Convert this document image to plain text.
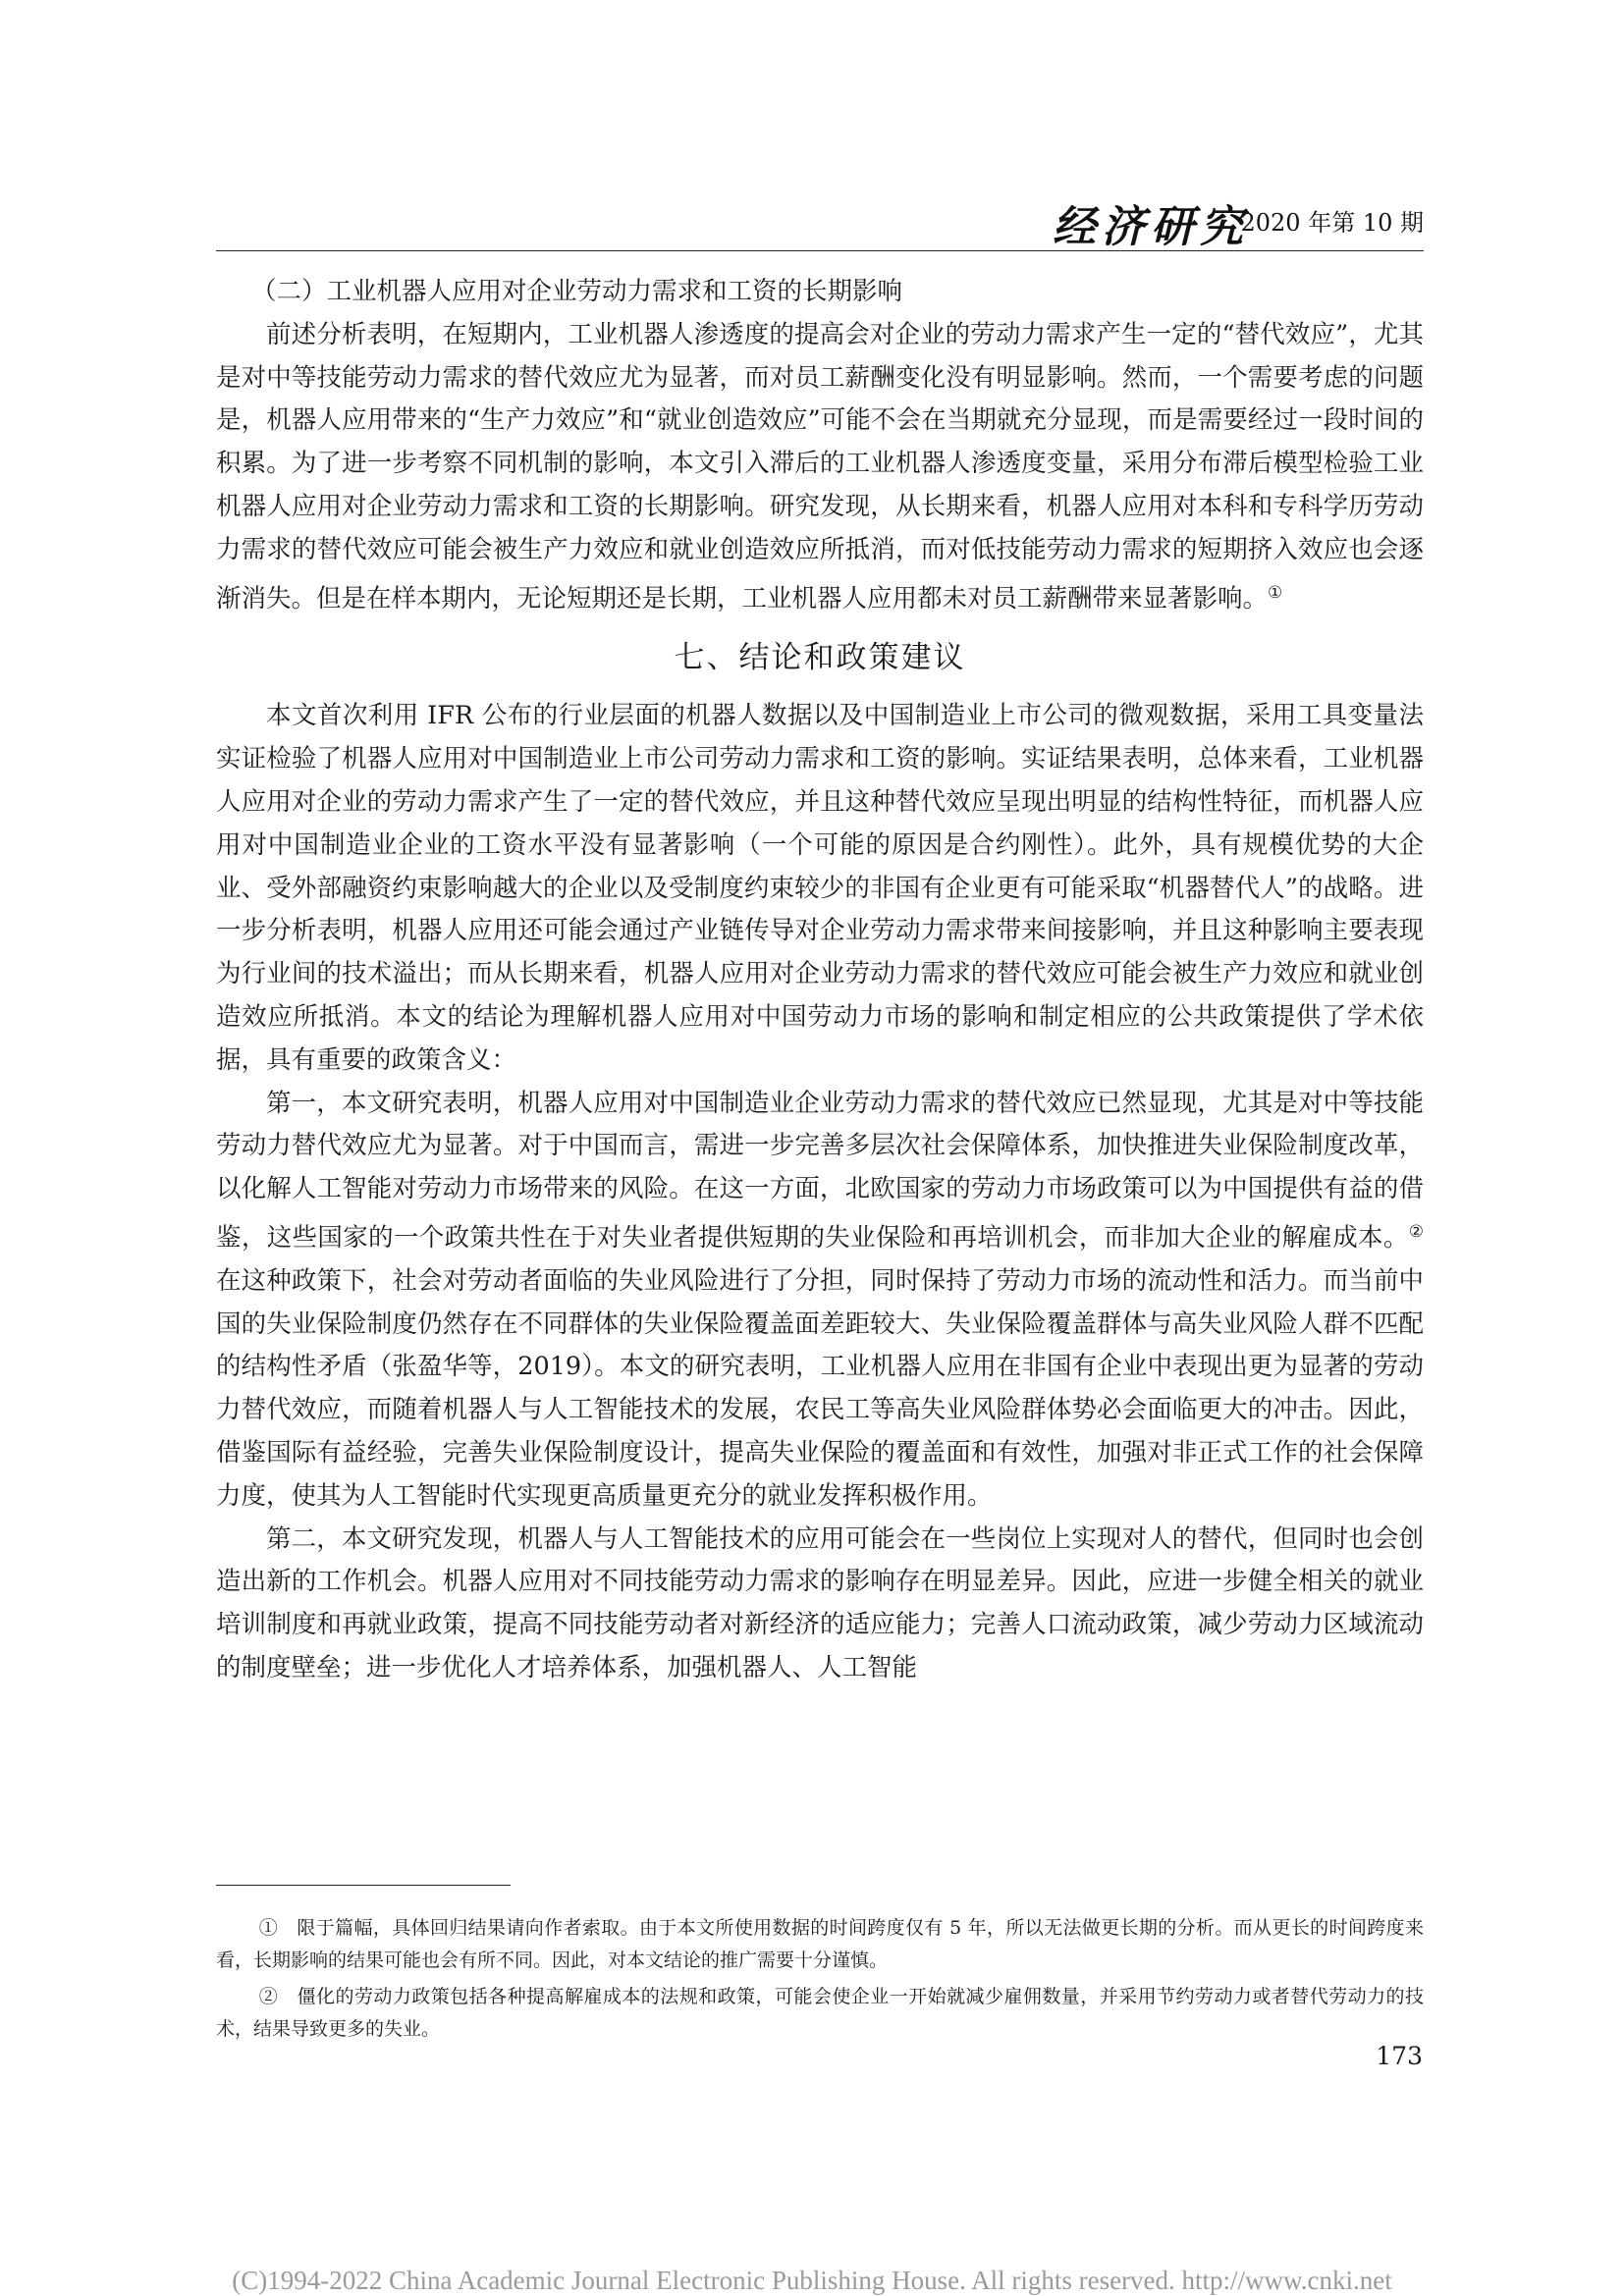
经济研究
2020 年第 10 期

（二）工业机器人应用对企业劳动力需求和工资的长期影响

前述分析表明，在短期内，工业机器人渗透度的提高会对企业的劳动力需求产生一定的“替代效应”，尤其是对中等技能劳动力需求的替代效应尤为显著，而对员工薪酬变化没有明显影响。然而，一个需要考虑的问题是，机器人应用带来的“生产力效应”和“就业创造效应”可能不会在当期就充分显现，而是需要经过一段时间的积累。为了进一步考察不同机制的影响，本文引入滞后的工业机器人渗透度变量，采用分布滞后模型检验工业机器人应用对企业劳动力需求和工资的长期影响。研究发现，从长期来看，机器人应用对本科和专科学历劳动力需求的替代效应可能会被生产力效应和就业创造效应所抵消，而对低技能劳动力需求的短期挤入效应也会逐渐消失。但是在样本期内，无论短期还是长期，工业机器人应用都未对员工薪酬带来显著影响。①

七、结论和政策建议

本文首次利用 IFR 公布的行业层面的机器人数据以及中国制造业上市公司的微观数据，采用工具变量法实证检验了机器人应用对中国制造业上市公司劳动力需求和工资的影响。实证结果表明，总体来看，工业机器人应用对企业的劳动力需求产生了一定的替代效应，并且这种替代效应呈现出明显的结构性特征，而机器人应用对中国制造业企业的工资水平没有显著影响（一个可能的原因是合约刚性）。此外，具有规模优势的大企业、受外部融资约束影响越大的企业以及受制度约束较少的非国有企业更有可能采取“机器替代人”的战略。进一步分析表明，机器人应用还可能会通过产业链传导对企业劳动力需求带来间接影响，并且这种影响主要表现为行业间的技术溢出；而从长期来看，机器人应用对企业劳动力需求的替代效应可能会被生产力效应和就业创造效应所抵消。本文的结论为理解机器人应用对中国劳动力市场的影响和制定相应的公共政策提供了学术依据，具有重要的政策含义：

第一，本文研究表明，机器人应用对中国制造业企业劳动力需求的替代效应已然显现，尤其是对中等技能劳动力替代效应尤为显著。对于中国而言，需进一步完善多层次社会保障体系，加快推进失业保险制度改革，以化解人工智能对劳动力市场带来的风险。在这一方面，北欧国家的劳动力市场政策可以为中国提供有益的借鉴，这些国家的一个政策共性在于对失业者提供短期的失业保险和再培训机会，而非加大企业的解雇成本。② 在这种政策下，社会对劳动者面临的失业风险进行了分担，同时保持了劳动力市场的流动性和活力。而当前中国的失业保险制度仍然存在不同群体的失业保险覆盖面差距较大、失业保险覆盖群体与高失业风险人群不匹配的结构性矛盾（张盈华等，2019）。本文的研究表明，工业机器人应用在非国有企业中表现出更为显著的劳动力替代效应，而随着机器人与人工智能技术的发展，农民工等高失业风险群体势必会面临更大的冲击。因此，借鉴国际有益经验，完善失业保险制度设计，提高失业保险的覆盖面和有效性，加强对非正式工作的社会保障力度，使其为人工智能时代实现更高质量更充分的就业发挥积极作用。

第二，本文研究发现，机器人与人工智能技术的应用可能会在一些岗位上实现对人的替代，但同时也会创造出新的工作机会。机器人应用对不同技能劳动力需求的影响存在明显差异。因此，应进一步健全相关的就业培训制度和再就业政策，提高不同技能劳动者对新经济的适应能力；完善人口流动政策，减少劳动力区域流动的制度壁垒；进一步优化人才培养体系，加强机器人、人工智能

①　限于篇幅，具体回归结果请向作者索取。由于本文所使用数据的时间跨度仅有 5 年，所以无法做更长期的分析。而从更长的时间跨度来看，长期影响的结果可能也会有所不同。因此，对本文结论的推广需要十分谨慎。

②　僵化的劳动力政策包括各种提高解雇成本的法规和政策，可能会使企业一开始就减少雇佣数量，并采用节约劳动力或者替代劳动力的技术，结果导致更多的失业。

173
(C)1994-2022 China Academic Journal Electronic Publishing House. All rights reserved. http://www.cnki.net
